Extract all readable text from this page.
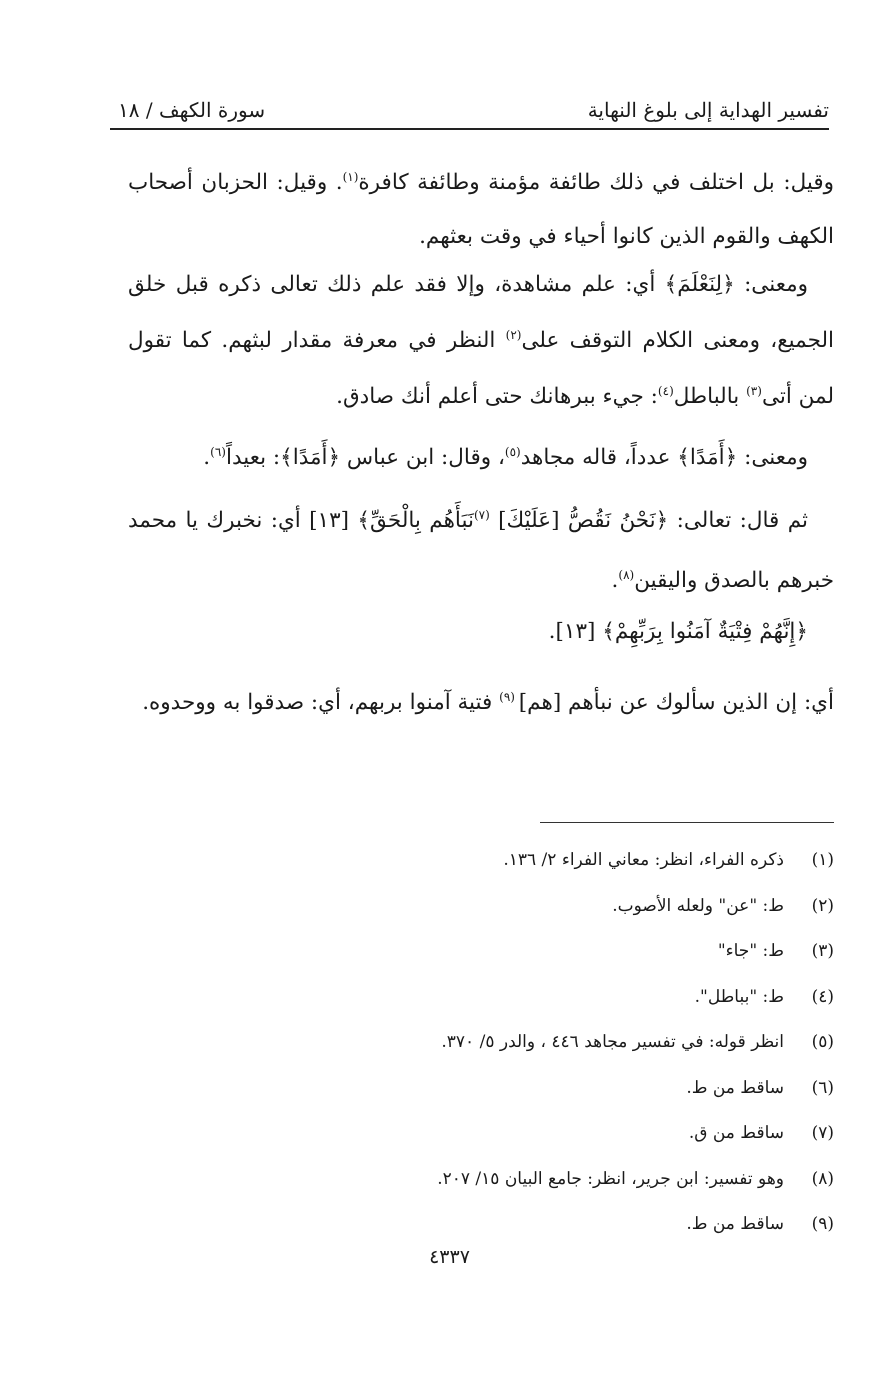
تفسير الهداية إلى بلوغ النهاية
سورة الكهف / ١٨
وقيل: بل اختلف في ذلك طائفة مؤمنة وطائفة كافرة$^{(١)}$. وقيل: الحزبان أصحاب الكهف والقوم الذين كانوا أحياء في وقت بعثهم.
ومعنى: ﴿لِنَعْلَمَ﴾ أي: علم مشاهدة، وإلا فقد علم ذلك تعالى ذكره قبل خلق الجميع، ومعنى الكلام التوقف على$^{(٢)}$ النظر في معرفة مقدار لبثهم. كما تقول لمن أتى$^{(٣)}$ بالباطل$^{(٤)}$: جيء ببرهانك حتى أعلم أنك صادق.
ومعنى: ﴿أَمَدًا﴾ عدداً، قاله مجاهد$^{(٥)}$، وقال: ابن عباس ﴿أَمَدًا﴾: بعيداً$^{(٦)}$.
ثم قال: تعالى: ﴿نَحْنُ نَقُصُّ [عَلَيْكَ] $^{(٧)}$نَبَأَهُم بِالْحَقِّ﴾ [١٣] أي: نخبرك يا محمد خبرهم بالصدق واليقين$^{(٨)}$.
﴿إِنَّهُمْ فِتْيَةٌ آمَنُوا بِرَبِّهِمْ﴾ [١٣].
أي: إن الذين سألوك عن نبأهم [هم] $^{(٩)}$ فتية آمنوا بربهم، أي: صدقوا به ووحدوه.
(١)ذكره الفراء، انظر: معاني الفراء ٢/ ١٣٦.
(٢)ط: "عن" ولعله الأصوب.
(٣)ط: "جاء"
(٤)ط: "بباطل".
(٥)انظر قوله: في تفسير مجاهد ٤٤٦ ، والدر ٥/ ٣٧٠.
(٦)ساقط من ط.
(٧)ساقط من ق.
(٨)وهو تفسير: ابن جرير، انظر: جامع البيان ١٥/ ٢٠٧.
(٩)ساقط من ط.
٤٣٣٧
